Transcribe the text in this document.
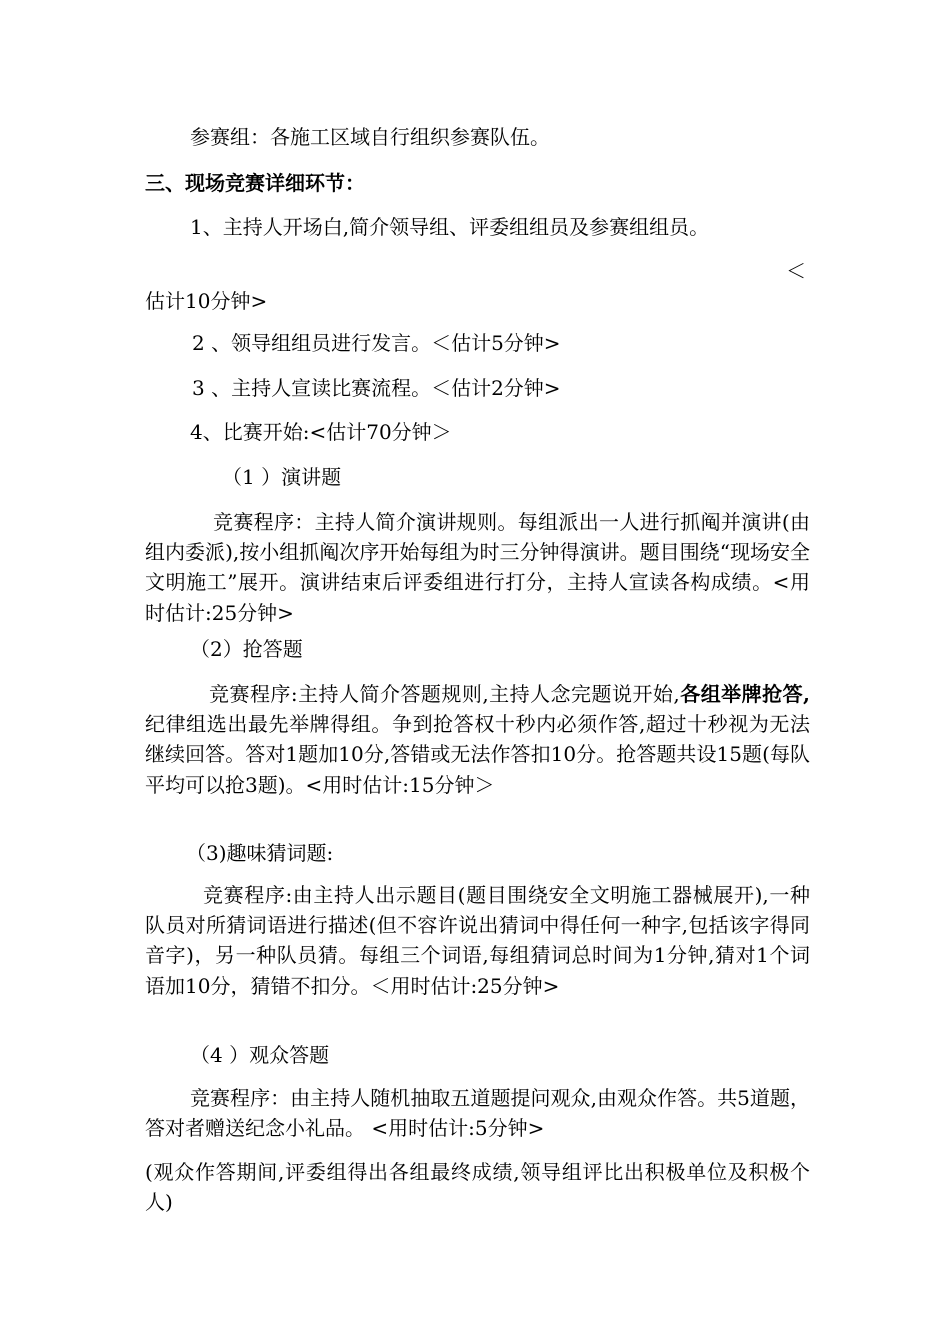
参赛组：各施工区域自行组织参赛队伍。

三、现场竞赛详细环节：

1、主持人开场白,简介领导组、评委组组员及参赛组组员。

＜

估计10分钟>

2 、领导组组员进行发言。＜估计5分钟>

3 、主持人宣读比赛流程。＜估计2分钟>

4、比赛开始:<估计70分钟＞

（1 ）演讲题

竞赛程序：主持人简介演讲规则。每组派出一人进行抓阄并演讲(由组内委派),按小组抓阄次序开始每组为时三分钟得演讲。题目围绕“现场安全文明施工”展开。演讲结束后评委组进行打分，主持人宣读各构成绩。<用时估计:25分钟>

（2）抢答题

竞赛程序:主持人简介答题规则,主持人念完题说开始,各组举牌抢答,纪律组选出最先举牌得组。争到抢答权十秒内必须作答,超过十秒视为无法继续回答。答对1题加10分,答错或无法作答扣10分。抢答题共设15题(每队平均可以抢3题)。<用时估计:15分钟＞

（3)趣味猜词题:

竞赛程序:由主持人出示题目(题目围绕安全文明施工器械展开),一种队员对所猜词语进行描述(但不容许说出猜词中得任何一种字,包括该字得同音字)，另一种队员猜。每组三个词语,每组猜词总时间为1分钟,猜对1个词语加10分，猜错不扣分。＜用时估计:25分钟>

（4 ）观众答题

竞赛程序：由主持人随机抽取五道题提问观众,由观众作答。共5道题，答对者赠送纪念小礼品。 <用时估计:5分钟>

(观众作答期间,评委组得出各组最终成绩,领导组评比出积极单位及积极个人)
